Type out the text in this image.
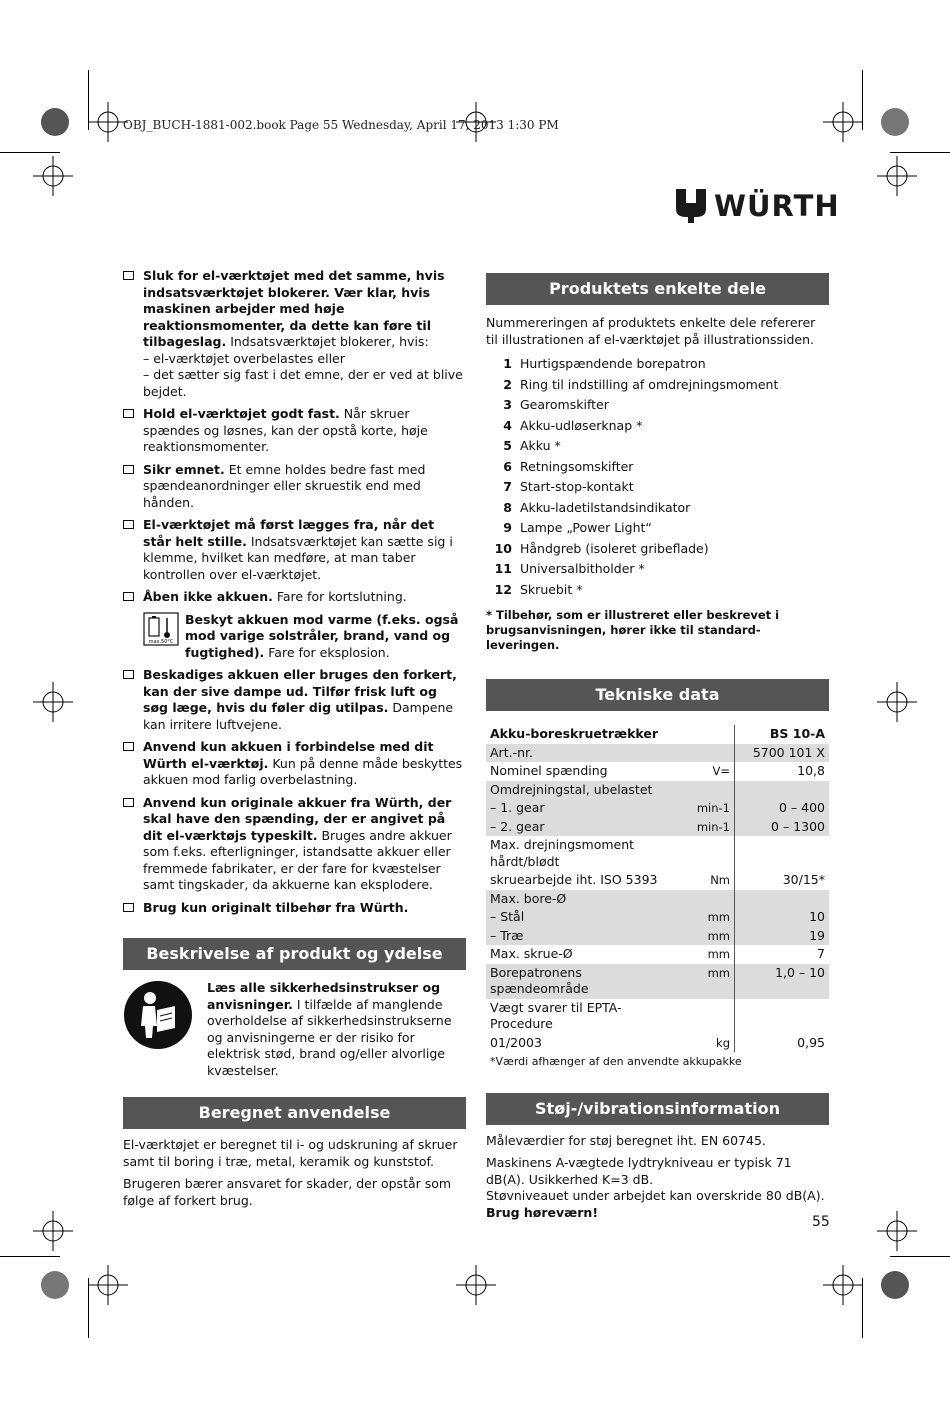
OBJ_BUCH-1881-002.book Page 55 Wednesday, April 17, 2013 1:30 PM
WÜRTH
Sluk for el-værktøjet med det samme, hvis indsatsværktøjet blokerer. Vær klar, hvis maskinen arbejder med høje reaktionsmomenter, da dette kan føre til tilbageslag. Indsatsværktøjet blokerer, hvis:
– el-værktøjet overbelastes eller
– det sætter sig fast i det emne, der er ved at blive bejdet.
Hold el-værktøjet godt fast. Når skruer spændes og løsnes, kan der opstå korte, høje reaktionsmomenter.
Sikr emnet. Et emne holdes bedre fast med spændeanordninger eller skruestik end med hånden.
El-værktøjet må først lægges fra, når det står helt stille. Indsatsværktøjet kan sætte sig i klemme, hvilket kan medføre, at man taber kontrollen over el-værktøjet.
Åben ikke akkuen. Fare for kortslutning.
max.50°C
Beskyt akkuen mod varme (f.eks. også mod varige solstråler, brand, vand og fugtighed). Fare for eksplosion.
Beskadiges akkuen eller bruges den forkert, kan der sive dampe ud. Tilfør frisk luft og søg læge, hvis du føler dig utilpas. Dampene kan irritere luftvejene.
Anvend kun akkuen i forbindelse med dit Würth el-værktøj. Kun på denne måde beskyttes akkuen mod farlig overbelastning.
Anvend kun originale akkuer fra Würth, der skal have den spænding, der er angivet på dit el-værktøjs typeskilt. Bruges andre akkuer som f.eks. efterligninger, istandsatte akkuer eller fremmede fabrikater, er der fare for kvæstelser samt tingskader, da akkuerne kan eksplodere.
Brug kun originalt tilbehør fra Würth.
Beskrivelse af produkt og ydelse
Læs alle sikkerhedsinstrukser og anvisninger. I tilfælde af manglende overholdelse af sikkerhedsinstrukserne og anvisningerne er der risiko for elektrisk stød, brand og/eller alvorlige kvæstelser.
Beregnet anvendelse

El-værktøjet er beregnet til i- og udskruning af skruer samt til boring i træ, metal, keramik og kunststof.

Brugeren bærer ansvaret for skader, der opstår som følge af forkert brug.

Produktets enkelte dele

Nummereringen af produktets enkelte dele refererer til illustrationen af el-værktøjet på illustrationssiden.

1 Hurtigspændende borepatron
2 Ring til indstilling af omdrejningsmoment
3 Gearomskifter
4 Akku-udløserknap *
5 Akku *
6 Retningsomskifter
7 Start-stop-kontakt
8 Akku-ladetilstandsindikator
9 Lampe „Power Light“
10 Håndgreb (isoleret gribeflade)
11 Universalbitholder *
12 Skruebit *
* Tilbehør, som er illustreret eller beskrevet i brugsanvisningen, hører ikke til standard-leveringen.
Tekniske data
Akku-boreskruetrækker		BS 10-A
Art.-nr.		5700 101 X
Nominel spænding	V=	10,8
Omdrejningstal, ubelastet		
– 1. gear	min-1	0 – 400
– 2. gear	min-1	0 – 1300
Max. drejningsmoment hårdt/blødt		
skruearbejde iht. ISO 5393	Nm	30/15*
Max. bore-Ø		
– Stål	mm	10
– Træ	mm	19
Max. skrue-Ø	mm	7
Borepatronens spændeområde	mm	1,0 – 10
Vægt svarer til EPTA-Procedure		
01/2003	kg	0,95
*Værdi afhænger af den anvendte akkupakke
Støj-/vibrationsinformation

Måleværdier for støj beregnet iht. EN 60745.

Maskinens A-vægtede lydtrykniveau er typisk 71 dB(A). Usikkerhed K=3 dB.

Støvniveauet under arbejdet kan overskride 80 dB(A).

Brug høreværn!

55
